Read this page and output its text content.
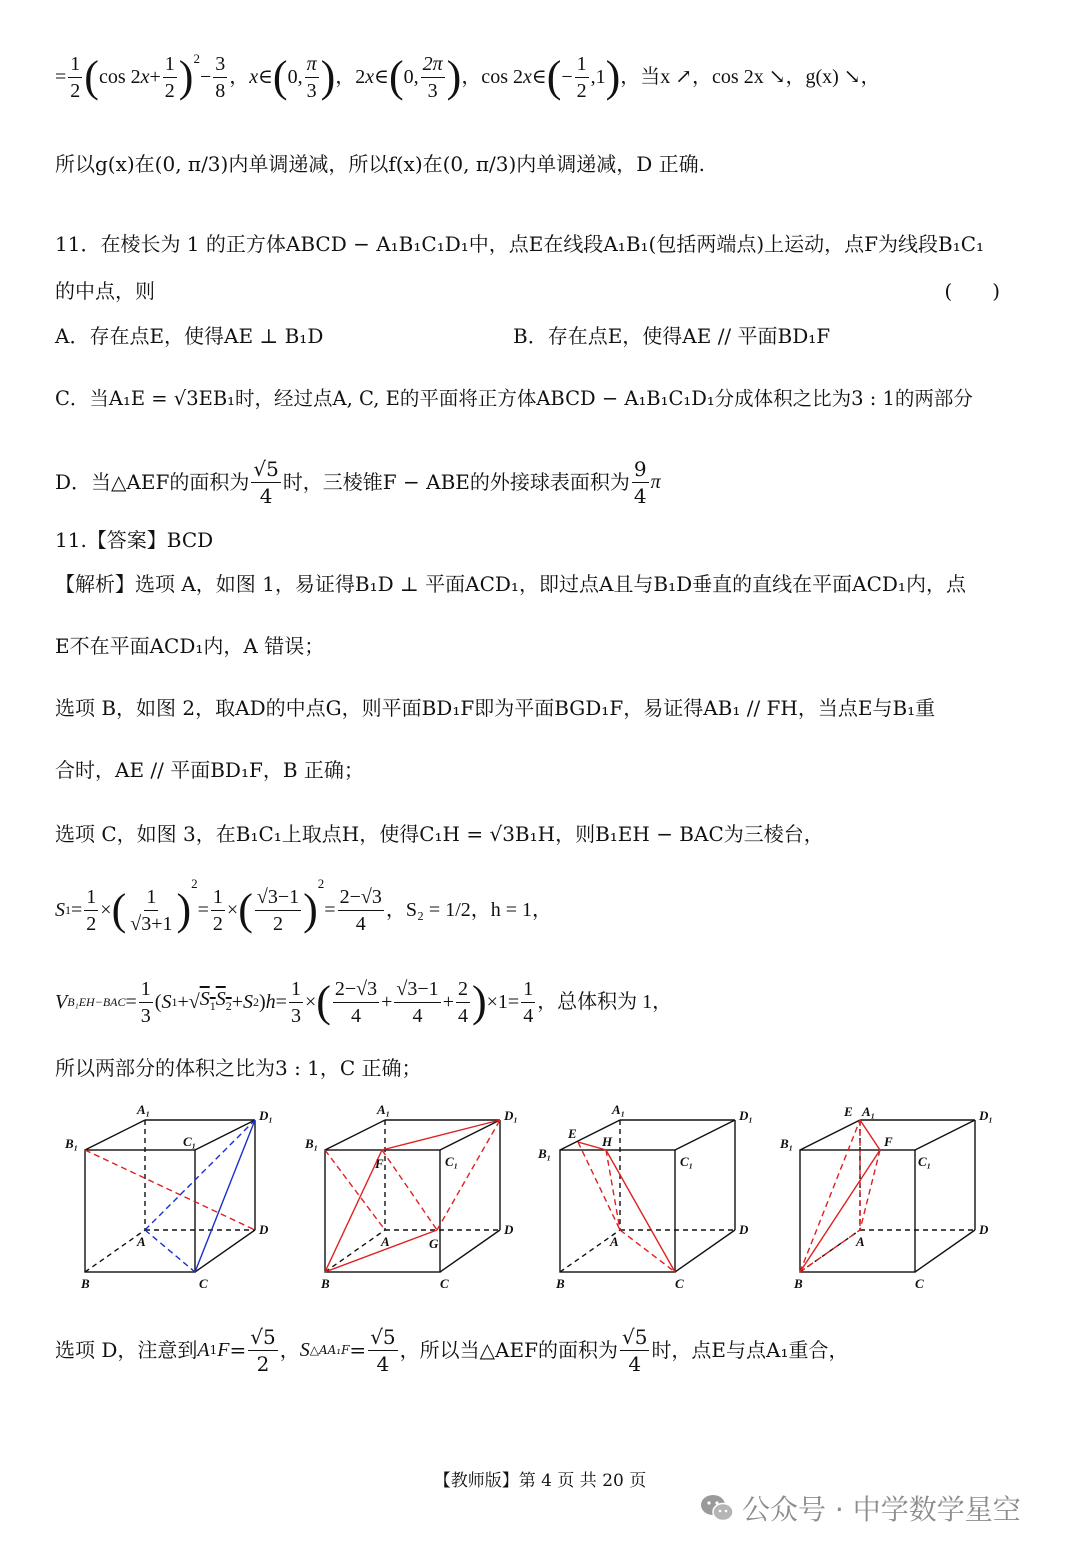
= $\frac{1}{2}$ ( cos 2 $x + \frac{1}{2} )^2$
− $\frac{3}{8}$ ， x ∈ ( 0, $\frac{\pi}{3}$ ) ，2 x ∈ ( 0, $\frac{2\pi}{3}$ ) ，cos 2 x ∈ ( − $\frac{1}{2} ,1$ ) ，当x ↗，cos 2x ↘，g(x) ↘，
所以g(x)在(0, π/3)内单调递减，所以f(x)在(0, π/3)内单调递减，D 正确.
11．在棱长为 1 的正方体ABCD − A₁B₁C₁D₁中，点E在线段A₁B₁(包括两端点)上运动，点F为线段B₁C₁
的中点，则	(　　)
A．存在点E，使得AE ⊥ B₁D	B．存在点E，使得AE // 平面BD₁F
C．当A₁E = √3EB₁时，经过点A, C, E的平面将正方体ABCD − A₁B₁C₁D₁分成体积之比为3 : 1的两部分
D．当△AEF的面积为 $\frac{√5}{4}$ 时，三棱锥F − ABE的外接球表面积为 $\frac{9}{4}$ π
11.【答案】BCD
【解析】选项 A，如图 1，易证得B₁D ⊥ 平面ACD₁，即过点A且与B₁D垂直的直线在平面ACD₁内，点
E不在平面ACD₁内，A 错误；
选项 B，如图 2，取AD的中点G，则平面BD₁F即为平面BGD₁F，易证得AB₁ // FH，当点E与B₁重
合时，AE // 平面BD₁F，B 正确；
选项 C，如图 3，在B₁C₁上取点H，使得C₁H = √3B₁H，则B₁EH − BAC为三棱台，
S $1 = \frac{1}{2}$ × ( $\frac{1}{√3+1}$ )
$^2$
= $\frac{1}{2}$ × ( $\frac{√3-1}{2}$ )
$^2$
= $\frac{2-√3}{4}$ ，S₂ = 1/2，h = 1，
V $B_1EH-BAC = \frac{1}{3}$ ( S 1 +√ $S_1S_2 + S$ 2 ) $h = \frac{1}{3}$ × ( $\frac{2-√3}{4} + \frac{√3-1}{4} + \frac{2}{4}$ ) $\times 1= \frac{1}{4}$ ，总体积为 1，
所以两部分的体积之比为3 : 1，C 正确；
A₁
B₁	C₁
D₁
A
B	C
D
A₁
B₁
C₁
D₁
F
A
B	C
D
G
A₁
B₁
C₁
D₁
E
H
A
B	C
D
E A₁
B₁
C₁
D₁
F
A
B	C
D
选项 D，注意到 A 1 $F = \frac{√5}{2}$ ， S △AA₁F = $\frac{√5}{4}$ ，所以当△AEF的面积为 $\frac{√5}{4}$ 时，点E与点A₁重合，
【教师版】第 4 页 共 20 页
公众号 · 中学数学星空
